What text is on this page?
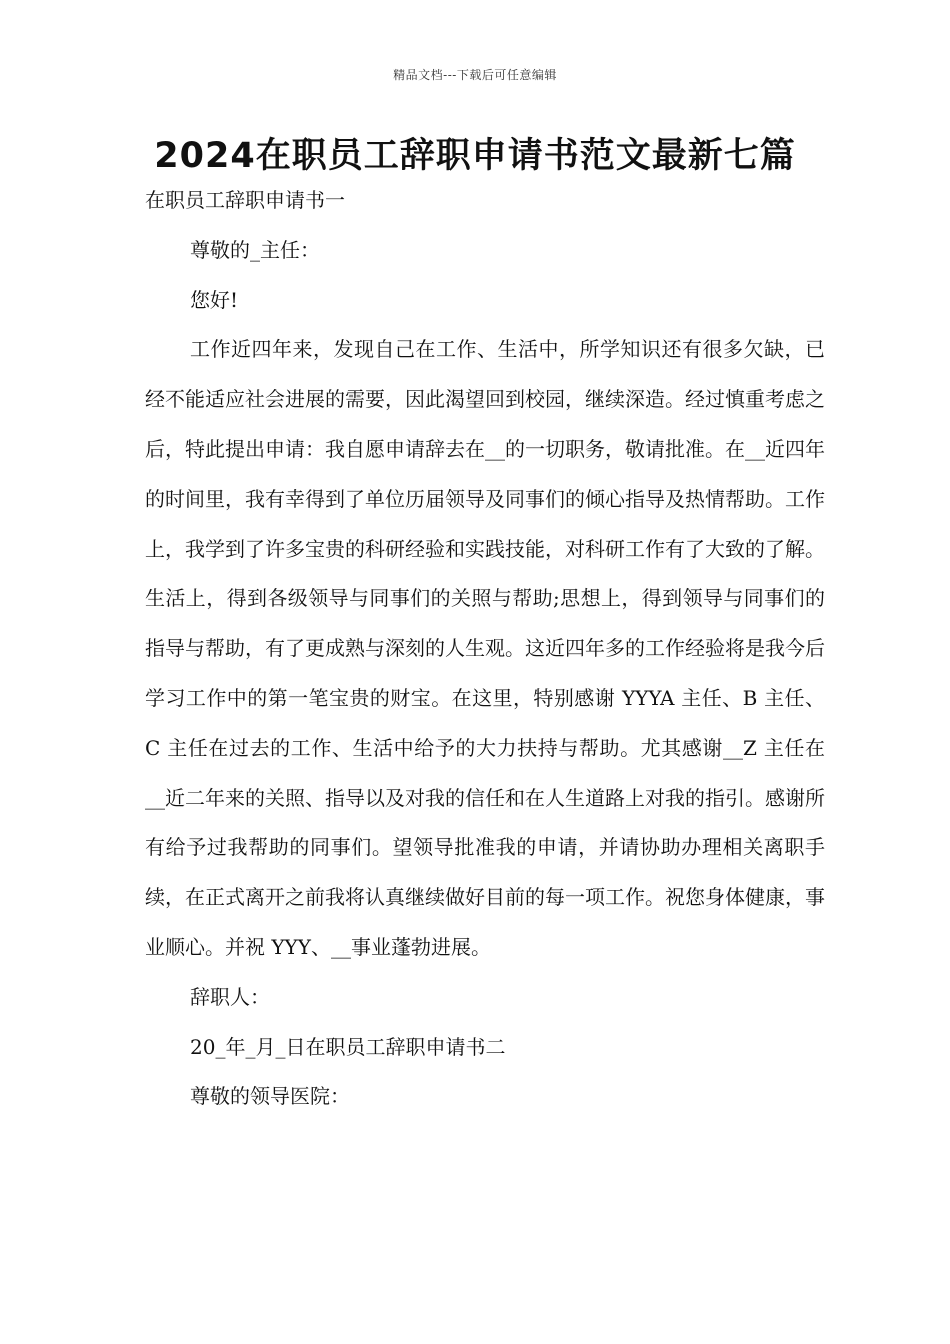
精品文档---下载后可任意编辑
2024在职员工辞职申请书范文最新七篇

在职员工辞职申请书一

尊敬的_主任：

您好!

工作近四年来，发现自己在工作、生活中，所学知识还有很多欠缺，已经不能适应社会进展的需要，因此渴望回到校园，继续深造。经过慎重考虑之后，特此提出申请：我自愿申请辞去在__的一切职务，敬请批准。在__近四年的时间里，我有幸得到了单位历届领导及同事们的倾心指导及热情帮助。工作上，我学到了许多宝贵的科研经验和实践技能，对科研工作有了大致的了解。生活上，得到各级领导与同事们的关照与帮助;思想上，得到领导与同事们的指导与帮助，有了更成熟与深刻的人生观。这近四年多的工作经验将是我今后学习工作中的第一笔宝贵的财宝。在这里，特别感谢 YYYA 主任、B 主任、C 主任在过去的工作、生活中给予的大力扶持与帮助。尤其感谢__Z 主任在__近二年来的关照、指导以及对我的信任和在人生道路上对我的指引。感谢所有给予过我帮助的同事们。望领导批准我的申请，并请协助办理相关离职手续，在正式离开之前我将认真继续做好目前的每一项工作。祝您身体健康，事业顺心。并祝 YYY、__事业蓬勃进展。

辞职人：

20_年_月_日在职员工辞职申请书二

尊敬的领导医院：
